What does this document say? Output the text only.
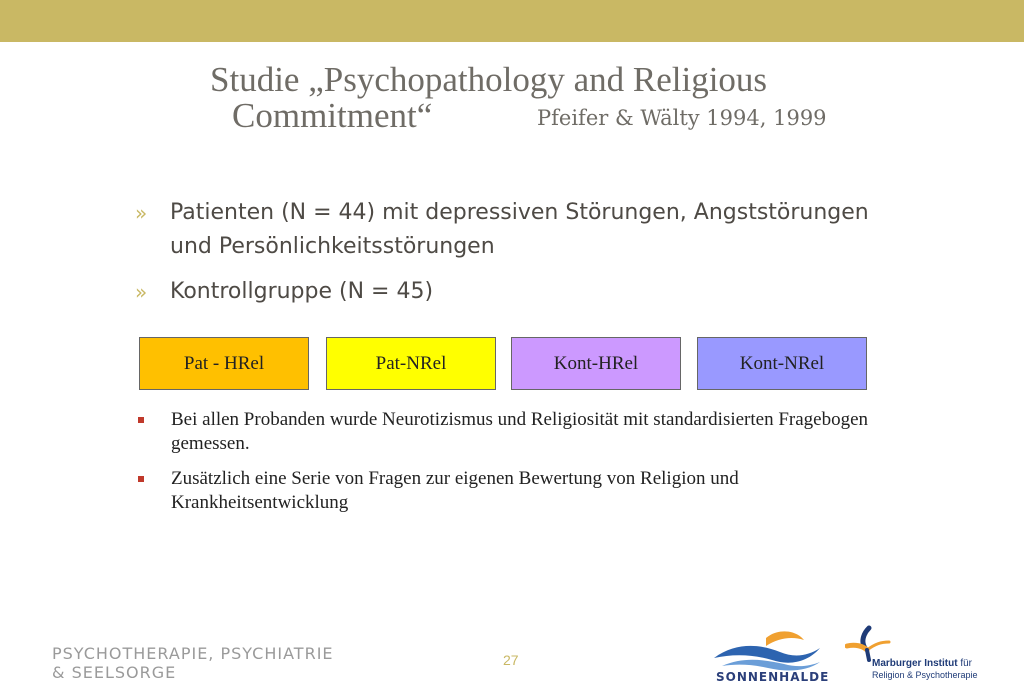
Studie „Psychopathology and Religious
Commitment“	Pfeifer & Wälty 1994, 1999
» Patienten (N = 44) mit depressiven Störungen, Angststörungen und Persönlichkeitsstörungen
» Kontrollgruppe (N = 45)
Pat - HRel	Pat-NRel	Kont-HRel	Kont-NRel
Bei allen Probanden wurde Neurotizismus und Religiosität mit standardisierten Fragebogen gemessen.
Zusätzlich eine Serie von Fragen zur eigenen Bewertung von Religion und Krankheitsentwicklung
PSYCHOTHERAPIE, PSYCHIATRIE
& SEELSORGE
27
SONNENHALDE
Marburger Institut für
Religion & Psychotherapie
